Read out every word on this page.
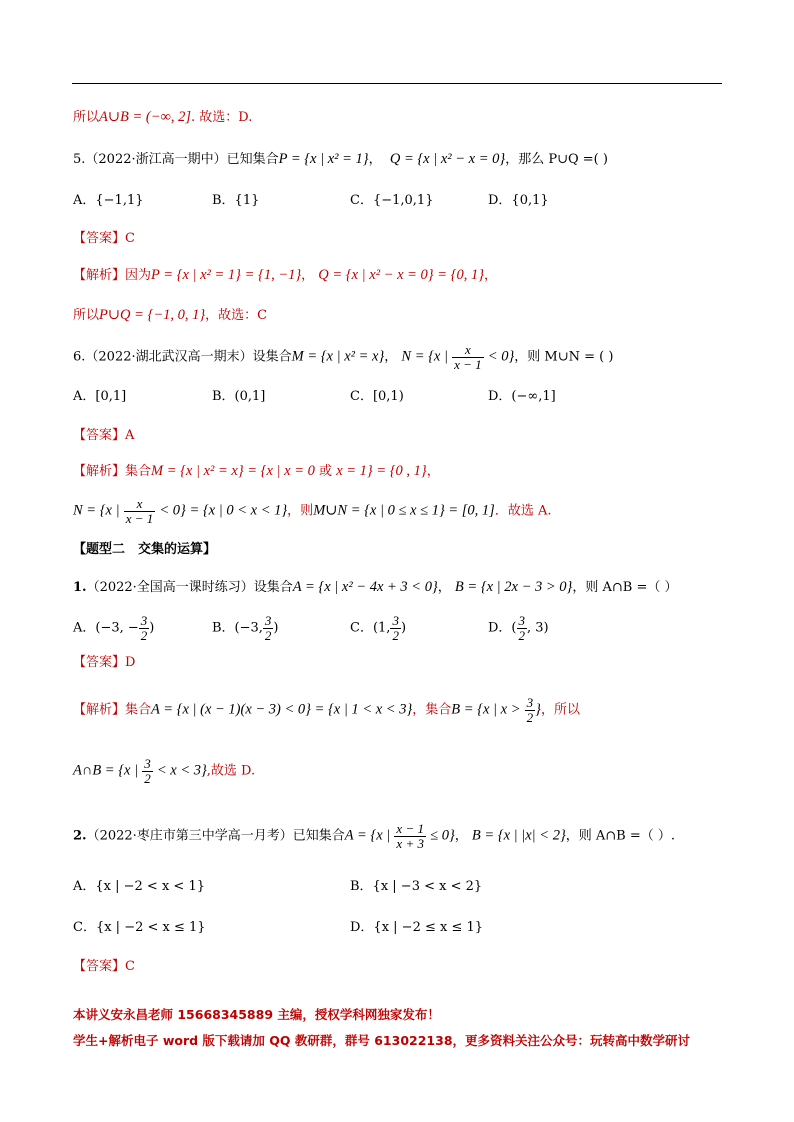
所以A∪B = (−∞, 2]. 故选：D.
5.（2022·浙江高一期中）已知集合P = {x | x² = 1}，  Q = {x | x² − x = 0}，那么 P∪Q =( )
A．{−1,1}	B．{1}	C．{−1,0,1}	D．{0,1}
【答案】C
【解析】因为P = {x | x² = 1} = {1, −1}， Q = {x | x² − x = 0} = {0, 1}，
所以P∪Q = {−1, 0, 1}，故选：C
6.（2022·湖北武汉高一期末）设集合M = {x | x² = x}， N = {x | $\frac{x}{x - 1} < 0$}，则 M∪N = ( )
A．[0,1]	B．(0,1]	C．[0,1)	D．(−∞,1]
【答案】A
【解析】集合M = {x | x² = x} = {x | x = 0 或 x = 1} = {0 , 1}，
N = {x | $\frac{x}{x - 1} < 0\} = \{x$ | 0 < x < 1}，则M∪N = {x | 0 ≤ x ≤ 1} = [0, 1]．故选 A.
【题型二　交集的运算】
1.（2022·全国高一课时练习）设集合A = {x | x² − 4x + 3 < 0}， B = {x | 2x − 3 > 0}，则 A∩B =（ ）
A．(−3, − $\frac{3}{2}$ )	B．(−3, $\frac{3}{2}$ )	C．(1, $\frac{3}{2}$ )	D．( $\frac{3}{2}$ , 3)
【答案】D
【解析】集合A = {x | (x − 1)(x − 3) < 0} = {x | 1 < x < 3}，集合B = {x | $x > \frac{3}{2}$ }，所以
A∩B = {x | $\frac{3}{2} < x < 3$},故选 D.
2.（2022·枣庄市第三中学高一月考）已知集合A = {x | $\frac{x - 1}{x + 3} \le 0$}， B = {x | |x| < 2}，则 A∩B =（ ）.
A．{x | −2 < x < 1}	B．{x | −3 < x < 2}
C．{x | −2 < x ≤ 1}	D．{x | −2 ≤ x ≤ 1}
【答案】C
本讲义安永昌老师 15668345889 主编，授权学科网独家发布！
学生+解析电子 word 版下载请加 QQ 教研群，群号 613022138，更多资料关注公众号：玩转高中数学研讨
